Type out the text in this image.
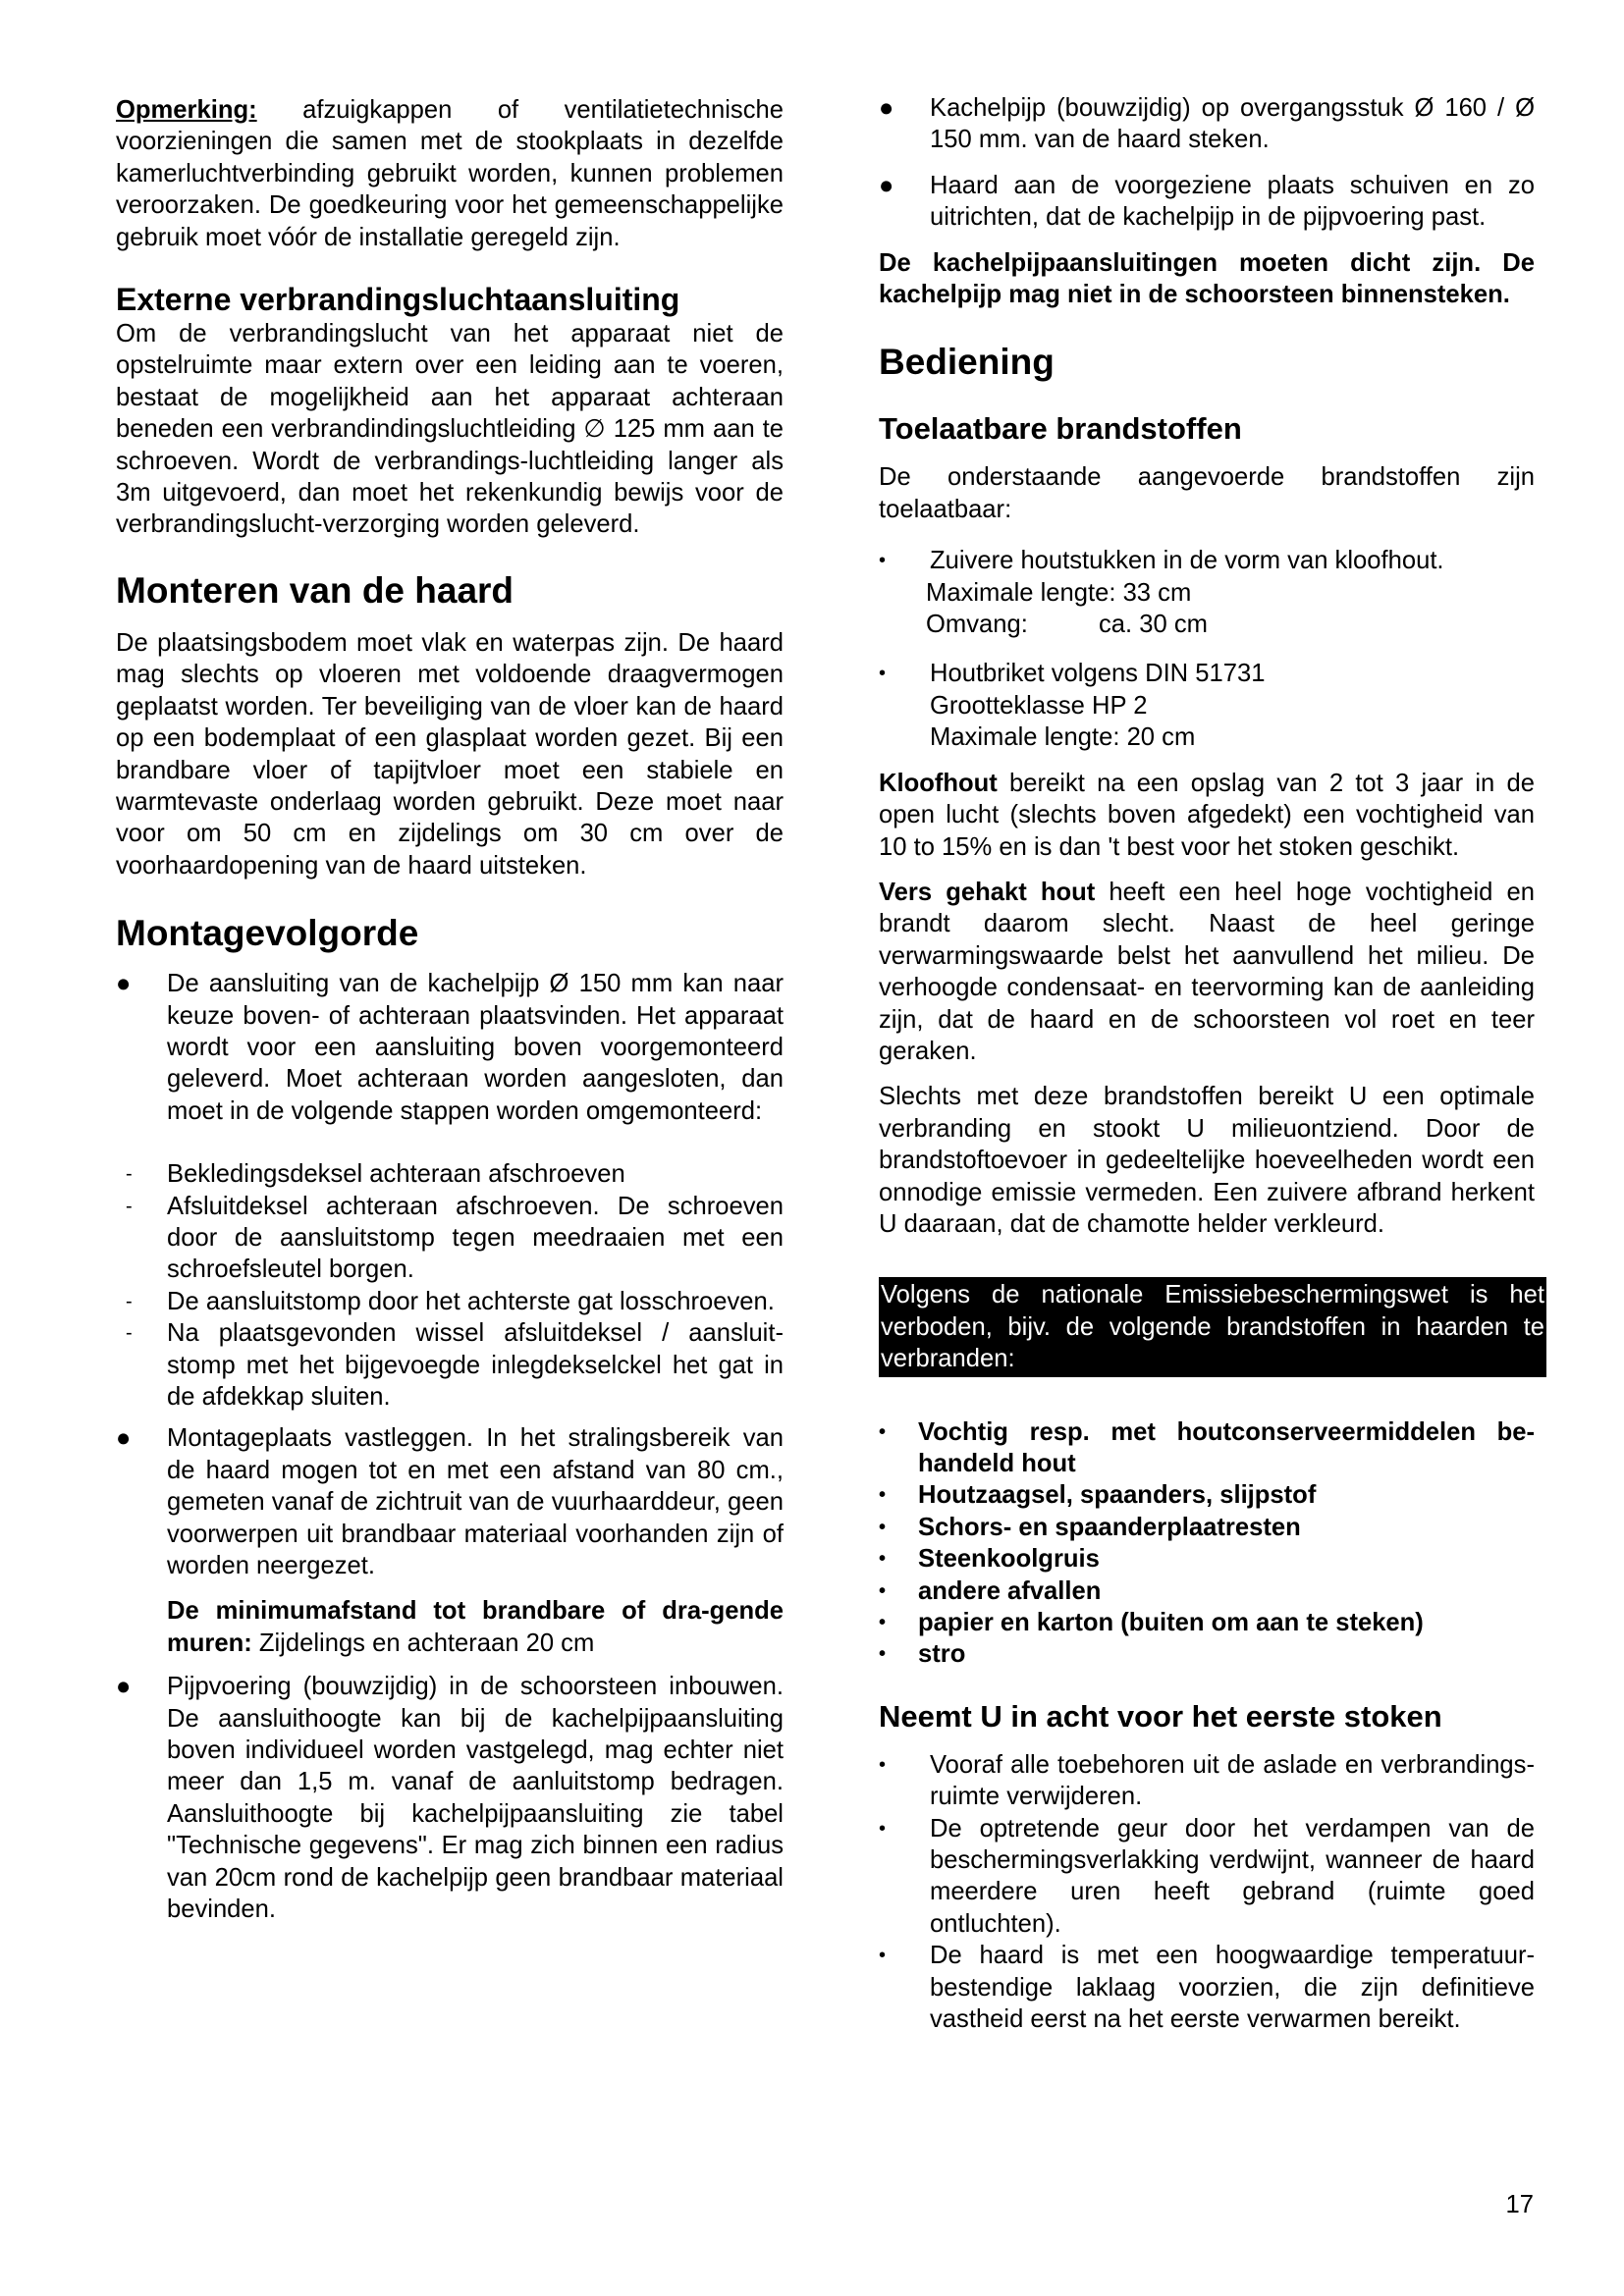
Opmerking: afzuigkappen of ventilatietechnische voorzieningen die samen met de stookplaats in dezelfde kamerluchtverbinding gebruikt worden, kunnen problemen veroorzaken. De goedkeuring voor het gemeenschappelijke gebruik moet vóór de installatie geregeld zijn.

Externe verbrandingsluchtaansluiting

Om de verbrandingslucht van het apparaat niet de opstelruimte maar extern over een leiding aan te voeren, bestaat de mogelijkheid aan het apparaat achteraan beneden een verbrandindingsluchtleiding ∅ 125 mm aan te schroeven. Wordt de verbrandings-luchtleiding langer als 3m uitgevoerd, dan moet het rekenkundig bewijs voor de verbrandingslucht-verzorging worden geleverd.

Monteren van de haard

De plaatsingsbodem moet vlak en waterpas zijn. De haard mag slechts op vloeren met voldoende draagvermogen geplaatst worden. Ter beveiliging van de vloer kan de haard op een bodemplaat of een glasplaat worden gezet. Bij een brandbare vloer of tapijtvloer moet een stabiele en warmtevaste onderlaag worden gebruikt. Deze moet naar voor om 50 cm en zijdelings om 30 cm over de voorhaardopening van de haard uitsteken.

Montagevolgorde
● De aansluiting van de kachelpijp Ø 150 mm kan naar keuze boven- of achteraan plaatsvinden. Het apparaat wordt voor een aansluiting boven voorgemonteerd geleverd. Moet achteraan worden aangesloten, dan moet in de volgende stappen worden omgemonteerd:
- Bekledingsdeksel achteraan afschroeven
- Afsluitdeksel achteraan afschroeven. De schroeven door de aansluitstomp tegen meedraaien met een schroefsleutel borgen.
- De aansluitstomp door het achterste gat losschroeven.
- Na plaatsgevonden wissel afsluitdeksel / aansluit-stomp met het bijgevoegde inlegdekselckel het gat in de afdekkap sluiten.
● Montageplaats vastleggen. In het stralingsbereik van de haard mogen tot en met een afstand van 80 cm., gemeten vanaf de zichtruit van de vuurhaarddeur, geen voorwerpen uit brandbaar materiaal voorhanden zijn of worden neergezet.

De minimumafstand tot brandbare of dra-gende muren: Zijdelings en achteraan 20 cm

● Pijpvoering (bouwzijdig) in de schoorsteen inbouwen. De aansluithoogte kan bij de kachelpijpaansluiting boven individueel worden vastgelegd, mag echter niet meer dan 1,5 m. vanaf de aanluitstomp bedragen. Aansluithoogte bij kachelpijpaansluiting zie tabel "Technische gegevens". Er mag zich binnen een radius van 20cm rond de kachelpijp geen brandbaar materiaal bevinden.
● Kachelpijp (bouwzijdig) op overgangsstuk Ø 160 / Ø 150 mm. van de haard steken.
● Haard aan de voorgeziene plaats schuiven en zo uitrichten, dat de kachelpijp in de pijpvoering past.

De kachelpijpaansluitingen moeten dicht zijn. De kachelpijp mag niet in de schoorsteen binnensteken.

Bediening
Toelaatbare brandstoffen

De onderstaande aangevoerde brandstoffen zijn toelaatbaar:

• Zuivere houtstukken in de vorm van kloofhout.
Maximale lengte: 33 cm
Omvang:	ca. 30 cm
• Houtbriket volgens DIN 51731
Grootteklasse HP 2
Maximale lengte: 20 cm

Kloofhout bereikt na een opslag van 2 tot 3 jaar in de open lucht (slechts boven afgedekt) een vochtigheid van 10 to 15% en is dan 't best voor het stoken geschikt.

Vers gehakt hout heeft een heel hoge vochtigheid en brandt daarom slecht. Naast de heel geringe verwarmingswaarde belst het aanvullend het milieu. De verhoogde condensaat- en teervorming kan de aanleiding zijn, dat de haard en de schoorsteen vol roet en teer geraken.

Slechts met deze brandstoffen bereikt U een optimale verbranding en stookt U milieuontziend. Door de brandstoftoevoer in gedeeltelijke hoeveelheden wordt een onnodige emissie vermeden. Een zuivere afbrand herkent U daaraan, dat de chamotte helder verkleurd.

Volgens de nationale Emissiebeschermingswet is het verboden, bijv. de volgende brandstoffen in haarden te verbranden:
• Vochtig resp. met houtconserveermiddelen be-handeld hout
• Houtzaagsel, spaanders, slijpstof
• Schors- en spaanderplaatresten
• Steenkoolgruis
• andere afvallen
• papier en karton (buiten om aan te steken)
• stro
Neemt U in acht voor het eerste stoken
• Vooraf alle toebehoren uit de aslade en verbrandings-ruimte verwijderen.
• De optretende geur door het verdampen van de beschermingsverlakking verdwijnt, wanneer de haard meerdere uren heeft gebrand (ruimte goed ontluchten).
• De haard is met een hoogwaardige temperatuur-bestendige laklaag voorzien, die zijn definitieve vastheid eerst na het eerste verwarmen bereikt.
17
